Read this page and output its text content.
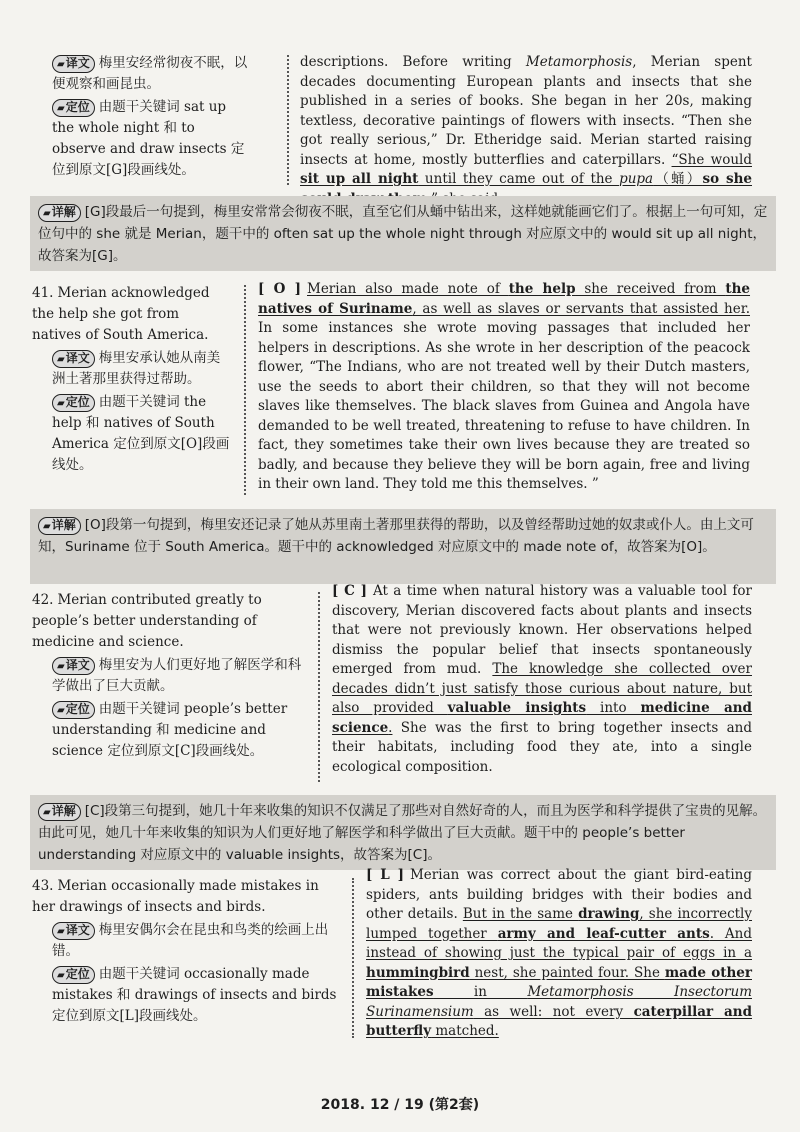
▰译文 梅里安经常彻夜不眠，以便观察和画昆虫。
▰定位 由题干关键词 sat up the whole night 和 to observe and draw insects 定位到原文[G]段画线处。
descriptions. Before writing Metamorphosis, Merian spent decades documenting European plants and insects that she published in a series of books. She began in her 20s, making textless, decorative paintings of flowers with insects. “Then she got really serious,” Dr. Etheridge said. Merian started raising insects at home, mostly butterflies and caterpillars. “She would sit up all night until they came out of the pupa（蛹）so she
▰详解 [G]段最后一句提到，梅里安常常会彻夜不眠，直至它们从蛹中钻出来，这样她就能画它们了。根据上一句可知，定位句中的 she 就是 Merian，题干中的 often sat up the whole night through 对应原文中的 would sit up all night，故答案为[G]。
41. Merian acknowledged the help she got from natives of South America.
▰译文 梅里安承认她从南美洲土著那里获得过帮助。
▰定位 由题干关键词 the help 和 natives of South America 定位到原文[O]段画线处。
[ O ] Merian also made note of the help she received from the natives of Suriname, as well as slaves or servants that assisted her. In some instances she wrote moving passages that included her helpers in descriptions. As she wrote in her description of the peacock flower, “The Indians, who are not treated well by their Dutch masters, use the seeds to abort their children, so that they will not become slaves like themselves. The black slaves from Guinea and Angola have demanded to be well treated, threatening to refuse to have children. In fact, they sometimes take their own lives because they are treated so badly, and because they believe they will be born again, free and living in their own land. They told me this themselves. ”
▰详解 [O]段第一句提到，梅里安还记录了她从苏里南土著那里获得的帮助，以及曾经帮助过她的奴隶或仆人。由上文可知，Suriname 位于 South America。题干中的 acknowledged 对应原文中的 made note of，故答案为[O]。
42. Merian contributed greatly to people’s better understanding of medicine and science.
▰译文 梅里安为人们更好地了解医学和科学做出了巨大贡献。
▰定位 由题干关键词 people’s better understanding 和 medicine and science 定位到原文[C]段画线处。
[ C ] At a time when natural history was a valuable tool for discovery, Merian discovered facts about plants and insects that were not previously known. Her observations helped dismiss the popular belief that insects spontaneously emerged from mud. The knowledge she collected over decades didn’t just satisfy those curious about nature, but also provided valuable insights into medicine and science. She was the first to bring together insects and their habitats, including food they ate, into a single ecological composition.
▰详解 [C]段第三句提到，她几十年来收集的知识不仅满足了那些对自然好奇的人，而且为医学和科学提供了宝贵的见解。由此可见，她几十年来收集的知识为人们更好地了解医学和科学做出了巨大贡献。题干中的 people’s better understanding 对应原文中的 valuable insights，故答案为[C]。
43. Merian occasionally made mistakes in her drawings of insects and birds.
▰译文 梅里安偶尔会在昆虫和鸟类的绘画上出错。
▰定位 由题干关键词 occasionally made mistakes 和 drawings of insects and birds 定位到原文[L]段画线处。
[ L ] Merian was correct about the giant bird-eating spiders, ants building bridges with their bodies and other details. But in the same drawing, she incorrectly lumped together army and leaf-cutter ants. And instead of showing just the typical pair of eggs in a hummingbird nest, she painted four. She made other mistakes in Metamorphosis Insectorum Surinamensium as well: not every caterpillar and butterfly matched.
2018. 12 / 19 (第2套)
